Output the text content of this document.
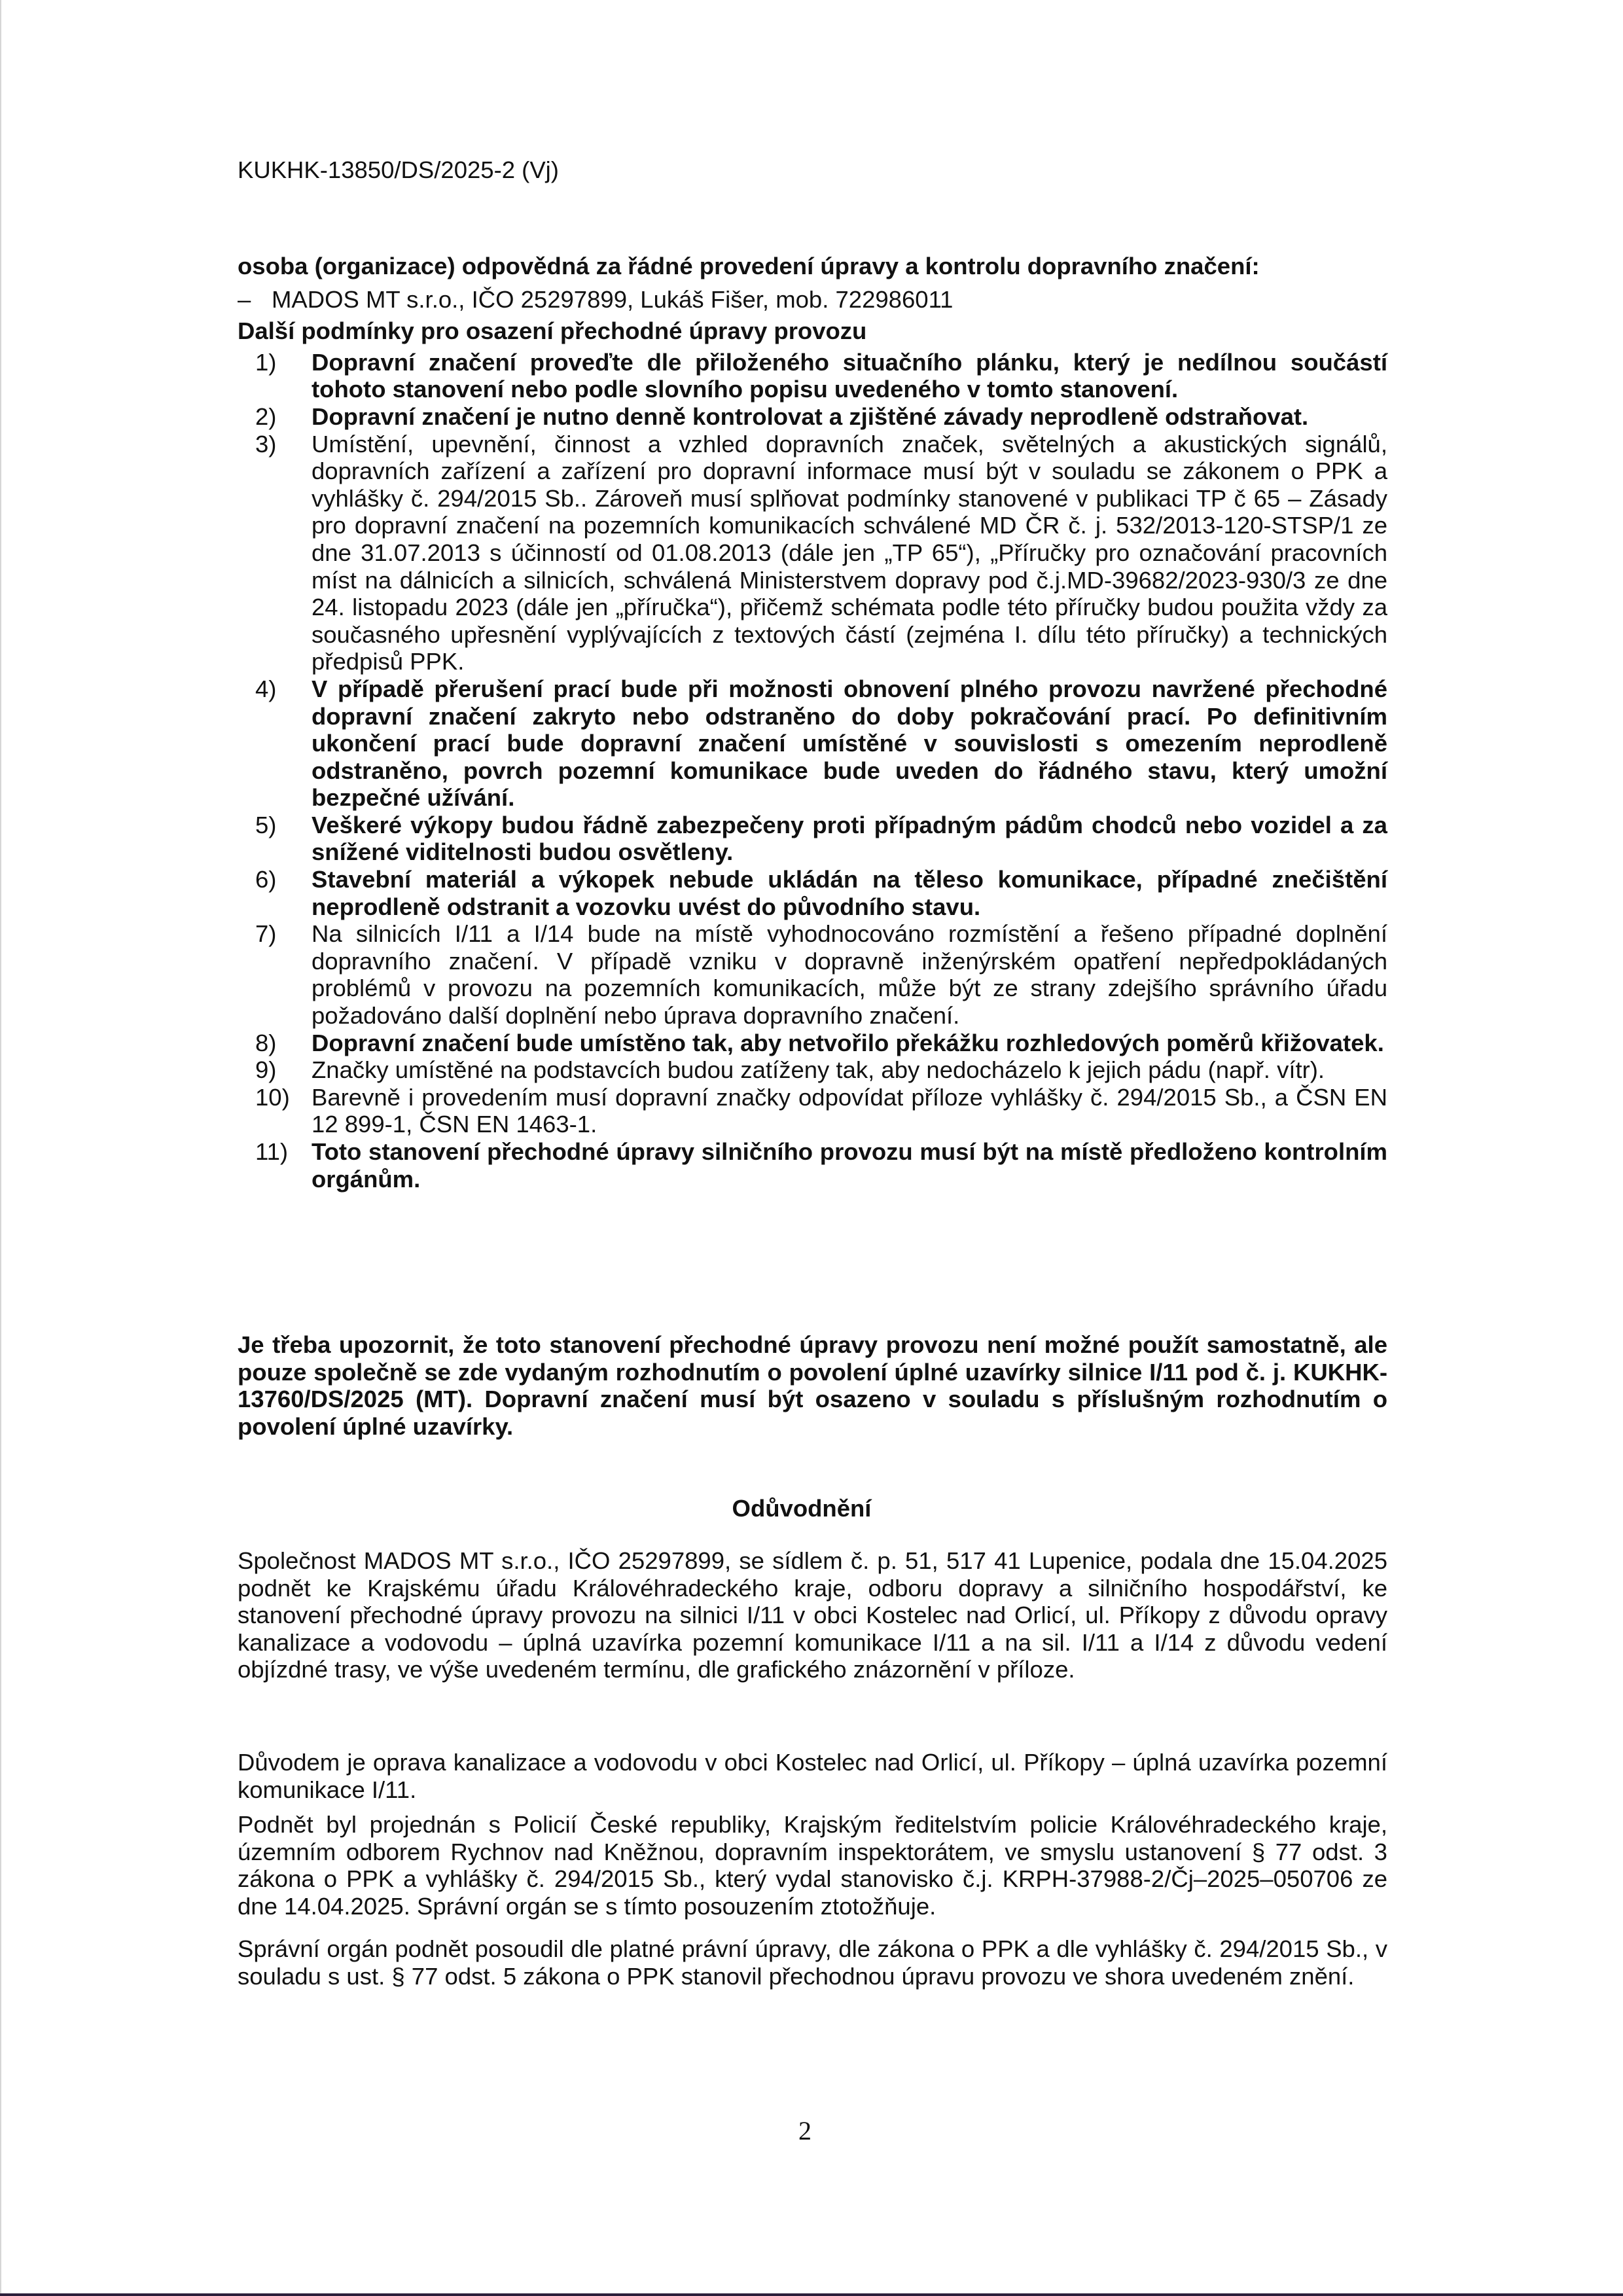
KUKHK-13850/DS/2025-2 (Vj)

osoba (organizace) odpovědná za řádné provedení úpravy a kontrolu dopravního značení:

– MADOS MT s.r.o., IČO 25297899, Lukáš Fišer, mob. 722986011

Další podmínky pro osazení přechodné úpravy provozu

1)	Dopravní značení proveďte dle přiloženého situačního plánku, který je nedílnou součástí tohoto stanovení nebo podle slovního popisu uvedeného v tomto stanovení.
2)	Dopravní značení je nutno denně kontrolovat a zjištěné závady neprodleně odstraňovat.
3)	Umístění, upevnění, činnost a vzhled dopravních značek, světelných a akustických signálů, dopravních zařízení a zařízení pro dopravní informace musí být v souladu se zákonem o PPK a vyhlášky č. 294/2015 Sb.. Zároveň musí splňovat podmínky stanovené v publikaci TP č 65 – Zásady pro dopravní značení na pozemních komunikacích schválené MD ČR č. j. 532/2013-120-STSP/1 ze dne 31.07.2013 s účinností od 01.08.2013 (dále jen „TP 65“), „Příručky pro označování pracovních míst na dálnicích a silnicích, schválená Ministerstvem dopravy pod č.j.MD-39682/2023-930/3 ze dne 24. listopadu 2023 (dále jen „příručka“), přičemž schémata podle této příručky budou použita vždy za současného upřesnění vyplývajících z textových částí (zejména I. dílu této příručky) a technických předpisů PPK.
4)	V případě přerušení prací bude při možnosti obnovení plného provozu navržené přechodné dopravní značení zakryto nebo odstraněno do doby pokračování prací. Po definitivním ukončení prací bude dopravní značení umístěné v souvislosti s omezením neprodleně odstraněno, povrch pozemní komunikace bude uveden do řádného stavu, který umožní bezpečné užívání.
5)	Veškeré výkopy budou řádně zabezpečeny proti případným pádům chodců nebo vozidel a za snížené viditelnosti budou osvětleny.
6)	Stavební materiál a výkopek nebude ukládán na těleso komunikace, případné znečištění neprodleně odstranit a vozovku uvést do původního stavu.
7)	Na silnicích I/11 a I/14 bude na místě vyhodnocováno rozmístění a řešeno případné doplnění dopravního značení. V případě vzniku v dopravně inženýrském opatření nepředpokládaných problémů v provozu na pozemních komunikacích, může být ze strany zdejšího správního úřadu požadováno další doplnění nebo úprava dopravního značení.
8)	Dopravní značení bude umístěno tak, aby netvořilo překážku rozhledových poměrů křižovatek.
9)	Značky umístěné na podstavcích budou zatíženy tak, aby nedocházelo k jejich pádu (např. vítr).
10) Barevně i provedením musí dopravní značky odpovídat příloze vyhlášky č. 294/2015 Sb., a ČSN EN 12 899-1, ČSN EN 1463-1.
11) Toto stanovení přechodné úpravy silničního provozu musí být na místě předloženo kontrolním orgánům.

Je třeba upozornit, že toto stanovení přechodné úpravy provozu není možné použít samostatně, ale pouze společně se zde vydaným rozhodnutím o povolení úplné uzavírky silnice I/11 pod č. j. KUKHK-13760/DS/2025 (MT). Dopravní značení musí být osazeno v souladu s příslušným rozhodnutím o povolení úplné uzavírky.

Odůvodnění

Společnost MADOS MT s.r.o., IČO 25297899, se sídlem č. p. 51, 517 41 Lupenice, podala dne 15.04.2025 podnět ke Krajskému úřadu Královéhradeckého kraje, odboru dopravy a silničního hospodářství, ke stanovení přechodné úpravy provozu na silnici I/11 v obci Kostelec nad Orlicí, ul. Příkopy z důvodu opravy kanalizace a vodovodu – úplná uzavírka pozemní komunikace I/11 a na sil. I/11 a I/14 z důvodu vedení objízdné trasy, ve výše uvedeném termínu, dle grafického znázornění v příloze.

Důvodem je oprava kanalizace a vodovodu v obci Kostelec nad Orlicí, ul. Příkopy – úplná uzavírka pozemní komunikace I/11.

Podnět byl projednán s Policií České republiky, Krajským ředitelstvím policie Královéhradeckého kraje, územním odborem Rychnov nad Kněžnou, dopravním inspektorátem, ve smyslu ustanovení § 77 odst. 3 zákona o PPK a vyhlášky č. 294/2015 Sb., který vydal stanovisko č.j. KRPH-37988-2/Čj–2025–050706 ze dne 14.04.2025. Správní orgán se s tímto posouzením ztotožňuje.

Správní orgán podnět posoudil dle platné právní úpravy, dle zákona o PPK a dle vyhlášky č. 294/2015 Sb., v souladu s ust. § 77 odst. 5 zákona o PPK stanovil přechodnou úpravu provozu ve shora uvedeném znění.

2
